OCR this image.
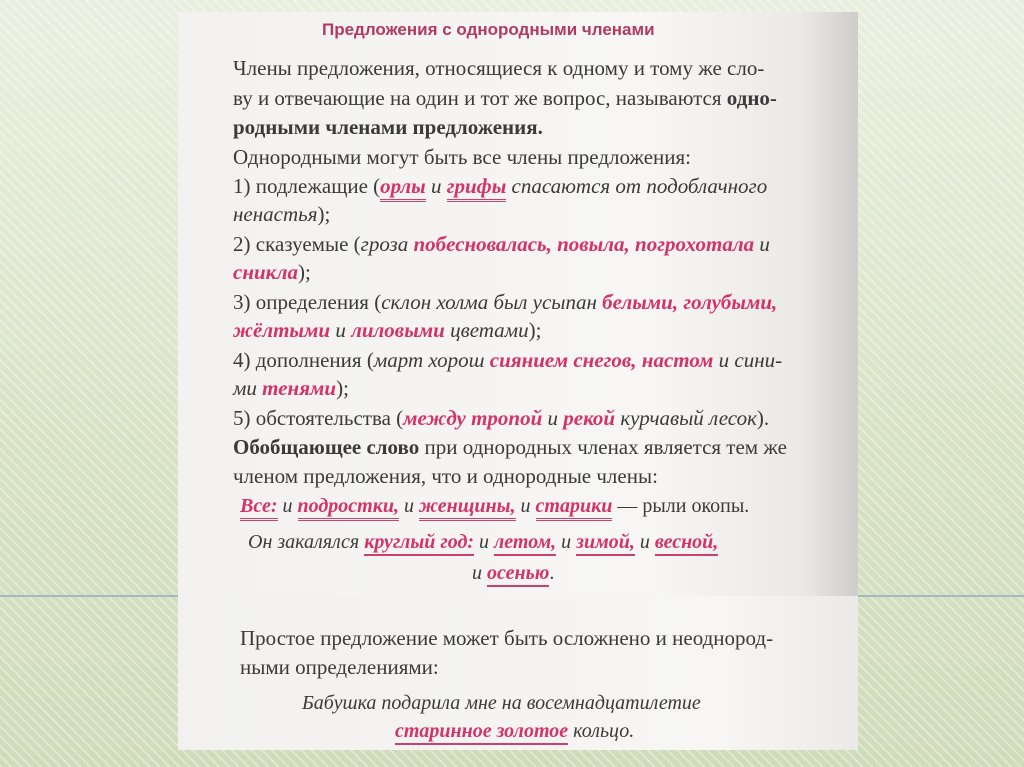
Предложения с однородными членами
Члены предложения, относящиеся к одному и тому же сло-
ву и отвечающие на один и тот же вопрос, называются одно-
родными членами предложения.
Однородными могут быть все члены предложения:
1) подлежащие (орлы и грифы спасаются от подоблачного
ненастья);
2) сказуемые (гроза побесновалась, повыла, погрохотала и
сникла);
3) определения (склон холма был усыпан белыми, голубыми,
жёлтыми и лиловыми цветами);
4) дополнения (март хорош сиянием снегов, настом и сини-
ми тенями);
5) обстоятельства (между тропой и рекой курчавый лесок).
Обобщающее слово при однородных членах является тем же
членом предложения, что и однородные члены:
Все: и подростки, и женщины, и старики — рыли окопы.
Он закалялся круглый год: и летом, и зимой, и весной,
и осенью.
Простое предложение может быть осложнено и неоднород-
ными определениями:
Бабушка подарила мне на восемнадцатилетие
старинное золотое кольцо.
